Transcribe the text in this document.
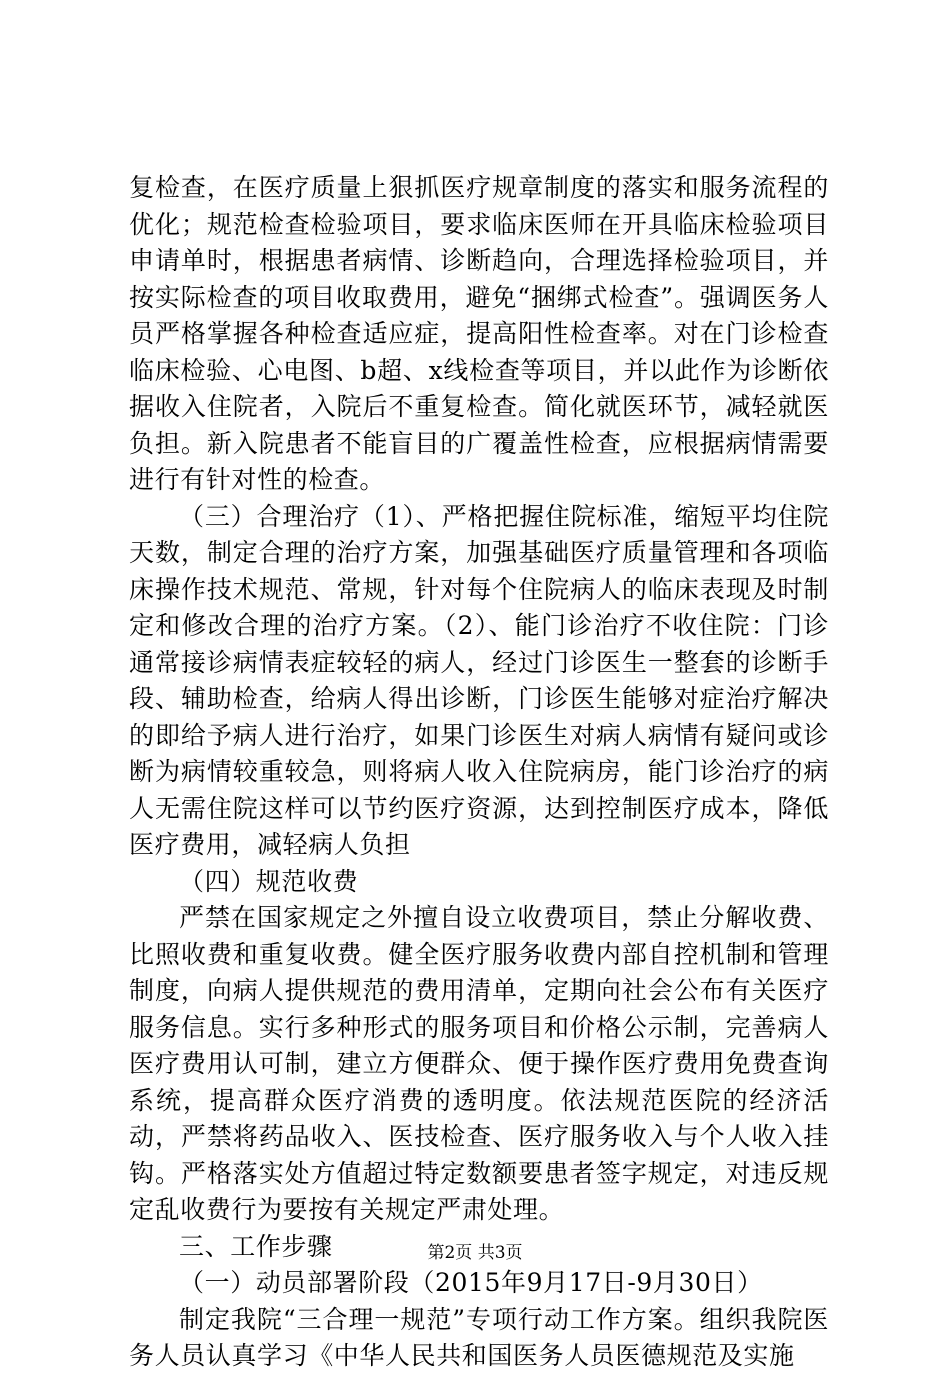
复检查，在医疗质量上狠抓医疗规章制度的落实和服务流程的优化；规范检查检验项目，要求临床医师在开具临床检验项目申请单时，根据患者病情、诊断趋向，合理选择检验项目，并按实际检查的项目收取费用，避免“捆绑式检查”。强调医务人员严格掌握各种检查适应症，提高阳性检查率。对在门诊检查临床检验、心电图、b超、x线检查等项目，并以此作为诊断依据收入住院者，入院后不重复检查。简化就医环节，减轻就医负担。新入院患者不能盲目的广覆盖性检查，应根据病情需要进行有针对性的检查。

（三）合理治疗（1）、严格把握住院标准，缩短平均住院天数，制定合理的治疗方案，加强基础医疗质量管理和各项临床操作技术规范、常规，针对每个住院病人的临床表现及时制定和修改合理的治疗方案。（2）、能门诊治疗不收住院：门诊通常接诊病情表症较轻的病人，经过门诊医生一整套的诊断手段、辅助检查，给病人得出诊断，门诊医生能够对症治疗解决的即给予病人进行治疗，如果门诊医生对病人病情有疑问或诊断为病情较重较急，则将病人收入住院病房，能门诊治疗的病人无需住院这样可以节约医疗资源，达到控制医疗成本，降低医疗费用，减轻病人负担

（四）规范收费

严禁在国家规定之外擅自设立收费项目，禁止分解收费、比照收费和重复收费。健全医疗服务收费内部自控机制和管理制度，向病人提供规范的费用清单，定期向社会公布有关医疗服务信息。实行多种形式的服务项目和价格公示制，完善病人医疗费用认可制，建立方便群众、便于操作医疗费用免费查询系统，提高群众医疗消费的透明度。依法规范医院的经济活动，严禁将药品收入、医技检查、医疗服务收入与个人收入挂钩。严格落实处方值超过特定数额要患者签字规定，对违反规定乱收费行为要按有关规定严肃处理。

三、工作步骤

（一）动员部署阶段（2015年9月17日-9月30日）

制定我院“三合理一规范”专项行动工作方案。组织我院医务人员认真学习《中华人民共和国医务人员医德规范及实施

第2页 共3页
